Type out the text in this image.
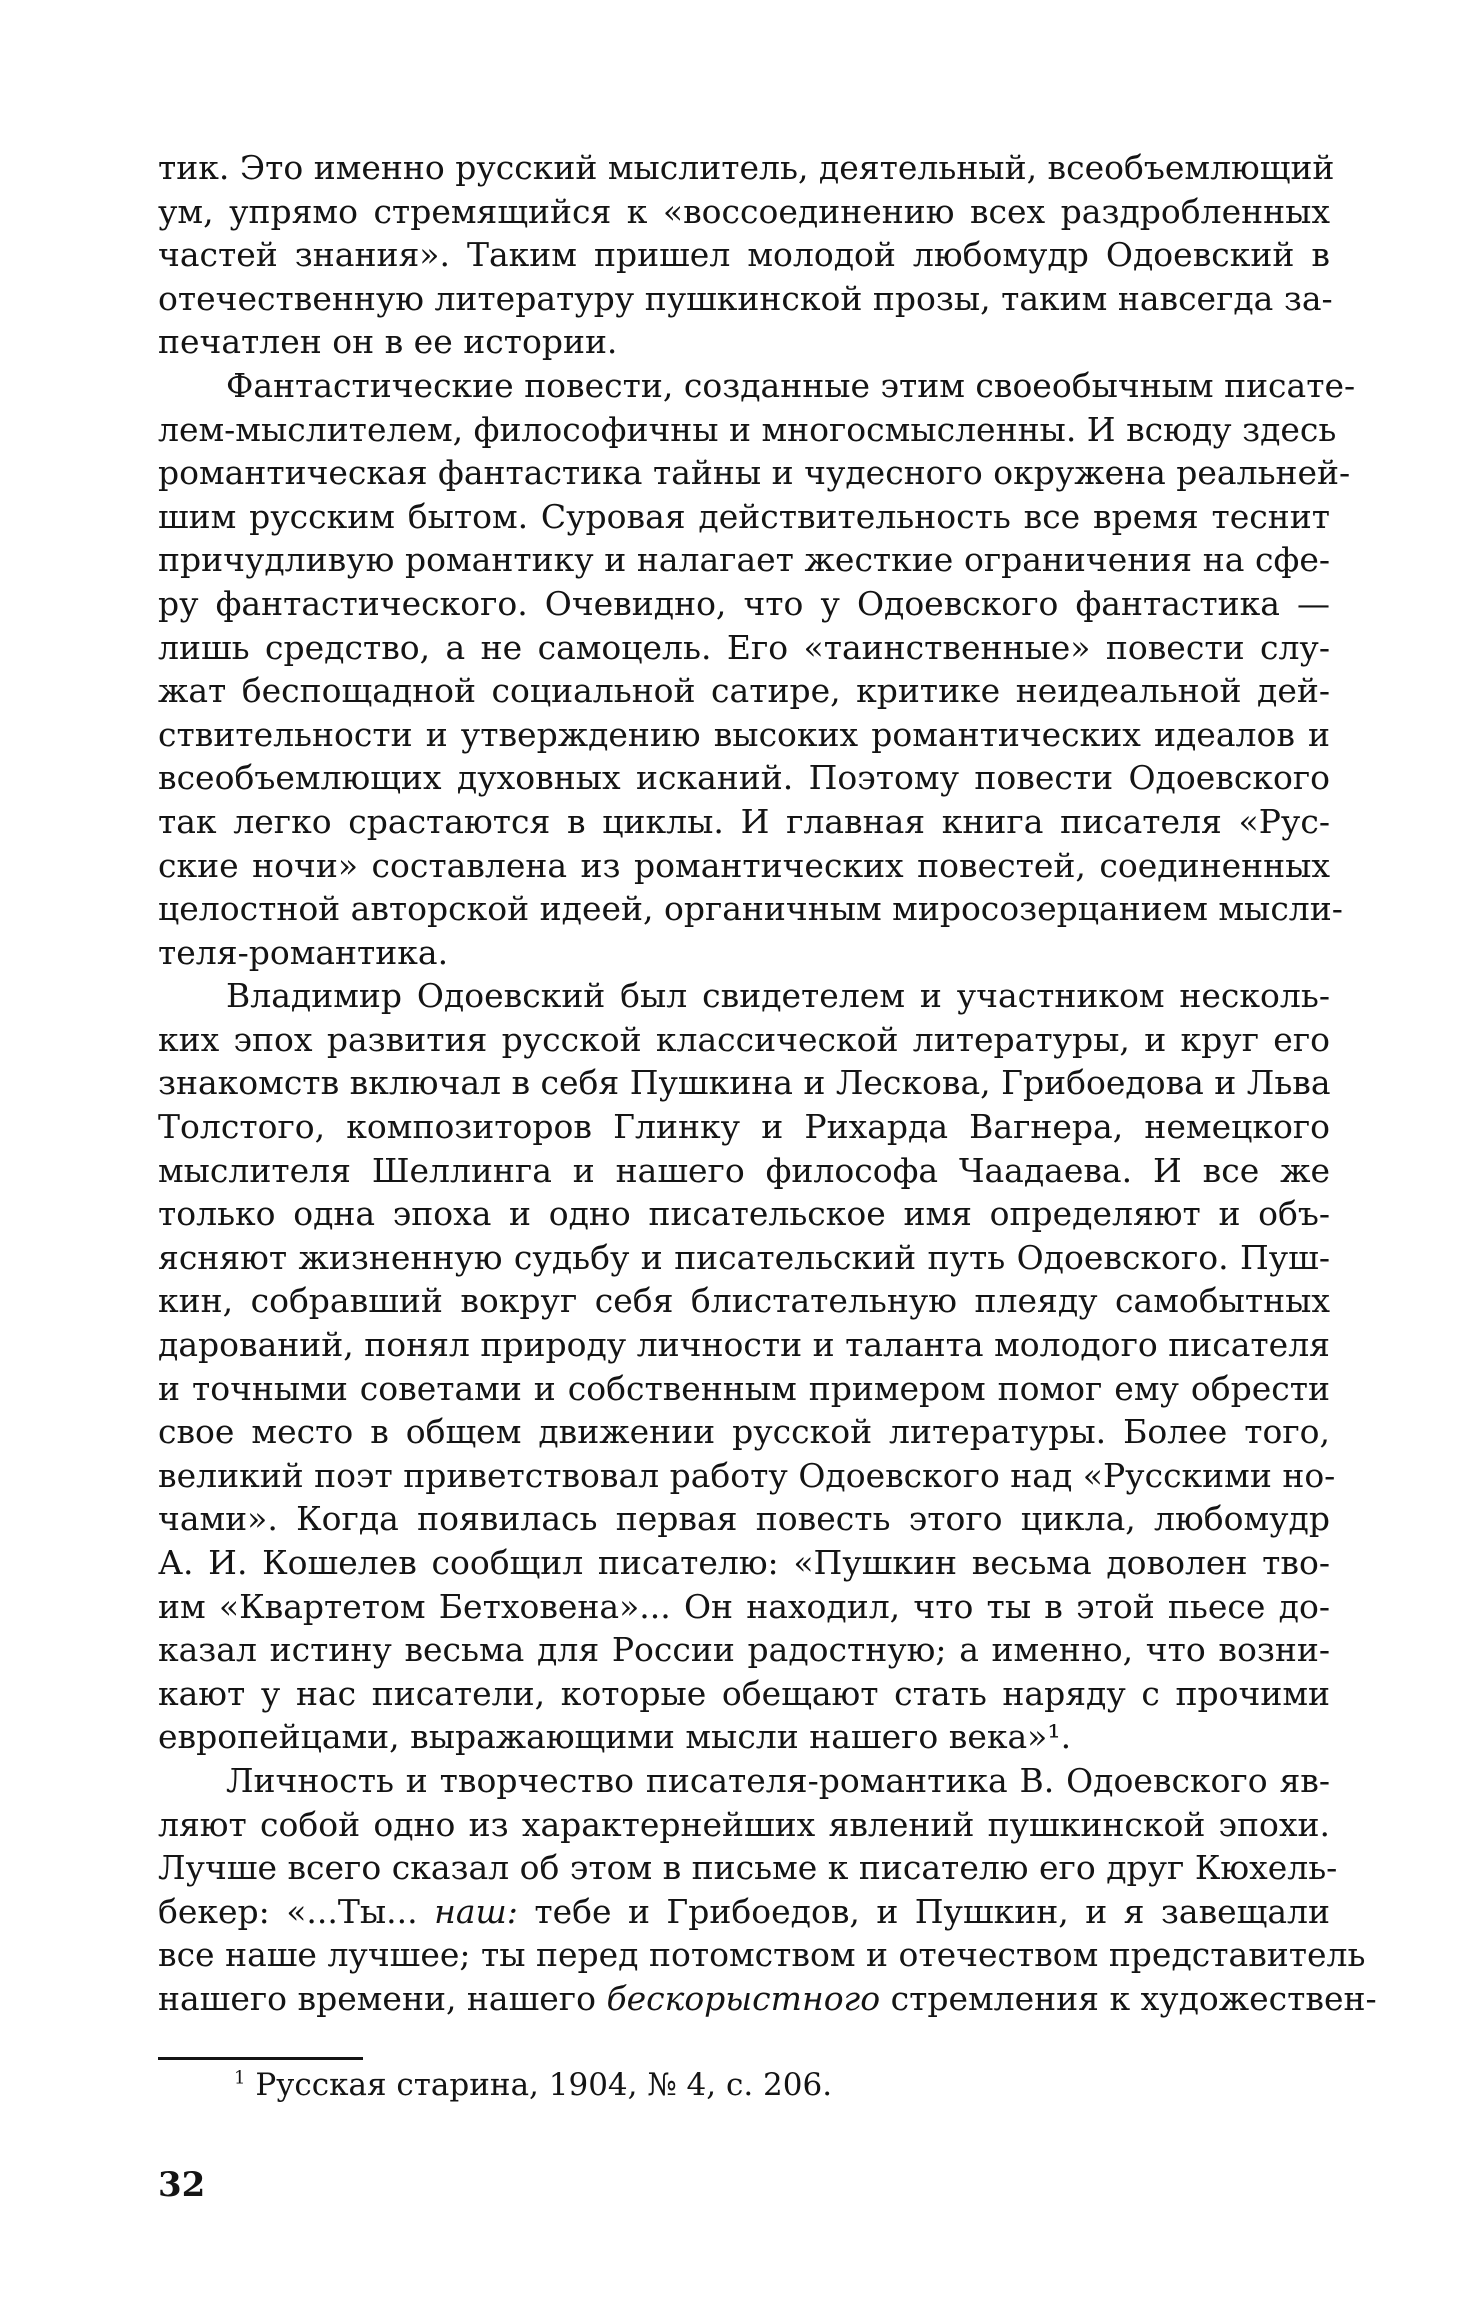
тик. Это именно русский мыслитель, деятельный, всеобъемлющий
ум, упрямо стремящийся к «воссоединению всех раздробленных
частей знания». Таким пришел молодой любомудр Одоевский в
отечественную литературу пушкинской прозы, таким навсегда за-
печатлен он в ее истории.
Фантастические повести, созданные этим своеобычным писате-
лем-мыслителем, философичны и многосмысленны. И всюду здесь
романтическая фантастика тайны и чудесного окружена реальней-
шим русским бытом. Суровая действительность все время теснит
причудливую романтику и налагает жесткие ограничения на сфе-
ру фантастического. Очевидно, что у Одоевского фантастика —
лишь средство, а не самоцель. Его «таинственные» повести слу-
жат беспощадной социальной сатире, критике неидеальной дей-
ствительности и утверждению высоких романтических идеалов и
всеобъемлющих духовных исканий. Поэтому повести Одоевского
так легко срастаются в циклы. И главная книга писателя «Рус-
ские ночи» составлена из романтических повестей, соединенных
целостной авторской идеей, органичным миросозерцанием мысли-
теля-романтика.
Владимир Одоевский был свидетелем и участником несколь-
ких эпох развития русской классической литературы, и круг его
знакомств включал в себя Пушкина и Лескова, Грибоедова и Льва
Толстого, композиторов Глинку и Рихарда Вагнера, немецкого
мыслителя Шеллинга и нашего философа Чаадаева. И все же
только одна эпоха и одно писательское имя определяют и объ-
ясняют жизненную судьбу и писательский путь Одоевского. Пуш-
кин, собравший вокруг себя блистательную плеяду самобытных
дарований, понял природу личности и таланта молодого писателя
и точными советами и собственным примером помог ему обрести
свое место в общем движении русской литературы. Более того,
великий поэт приветствовал работу Одоевского над «Русскими но-
чами». Когда появилась первая повесть этого цикла, любомудр
А. И. Кошелев сообщил писателю: «Пушкин весьма доволен тво-
им «Квартетом Бетховена»... Он находил, что ты в этой пьесе до-
казал истину весьма для России радостную; а именно, что возни-
кают у нас писатели, которые обещают стать наряду с прочими
европейцами, выражающими мысли нашего века»¹.
Личность и творчество писателя-романтика В. Одоевского яв-
ляют собой одно из характернейших явлений пушкинской эпохи.
Лучше всего сказал об этом в письме к писателю его друг Кюхель-
бекер: «...Ты... наш: тебе и Грибоедов, и Пушкин, и я завещали
все наше лучшее; ты перед потомством и отечеством представитель
нашего времени, нашего бескорыстного стремления к художествен-
$^1$ Русская старина, 1904, № 4, с. 206.
32
